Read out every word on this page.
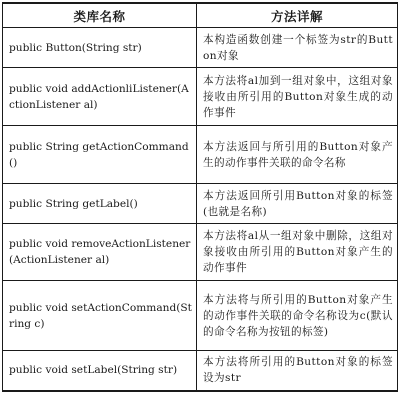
类库名称	方法详解
public Button(String str)	本构造函数创建一个标签为str的Button对象
public void addActionliListener(ActionListener al)	本方法将al加到一组对象中，这组对象接收由所引用的Button对象生成的动作事件
public String getActionCommand()	本方法返回与所引用的Button对象产生的动作事件关联的命令名称
public String getLabel()	本方法返回所引用Button对象的标签(也就是名称)
public void removeActionListener(ActionListener al)	本方法将al从一组对象中删除，这组对象接收由所引用的Button对象产生的动作事件
public void setActionCommand(String c)	本方法将与所引用的Button对象产生的动作事件关联的命令名称设为c(默认的命令名称为按钮的标签)
public void setLabel(String str)	本方法将所引用的Button对象的标签设为str
